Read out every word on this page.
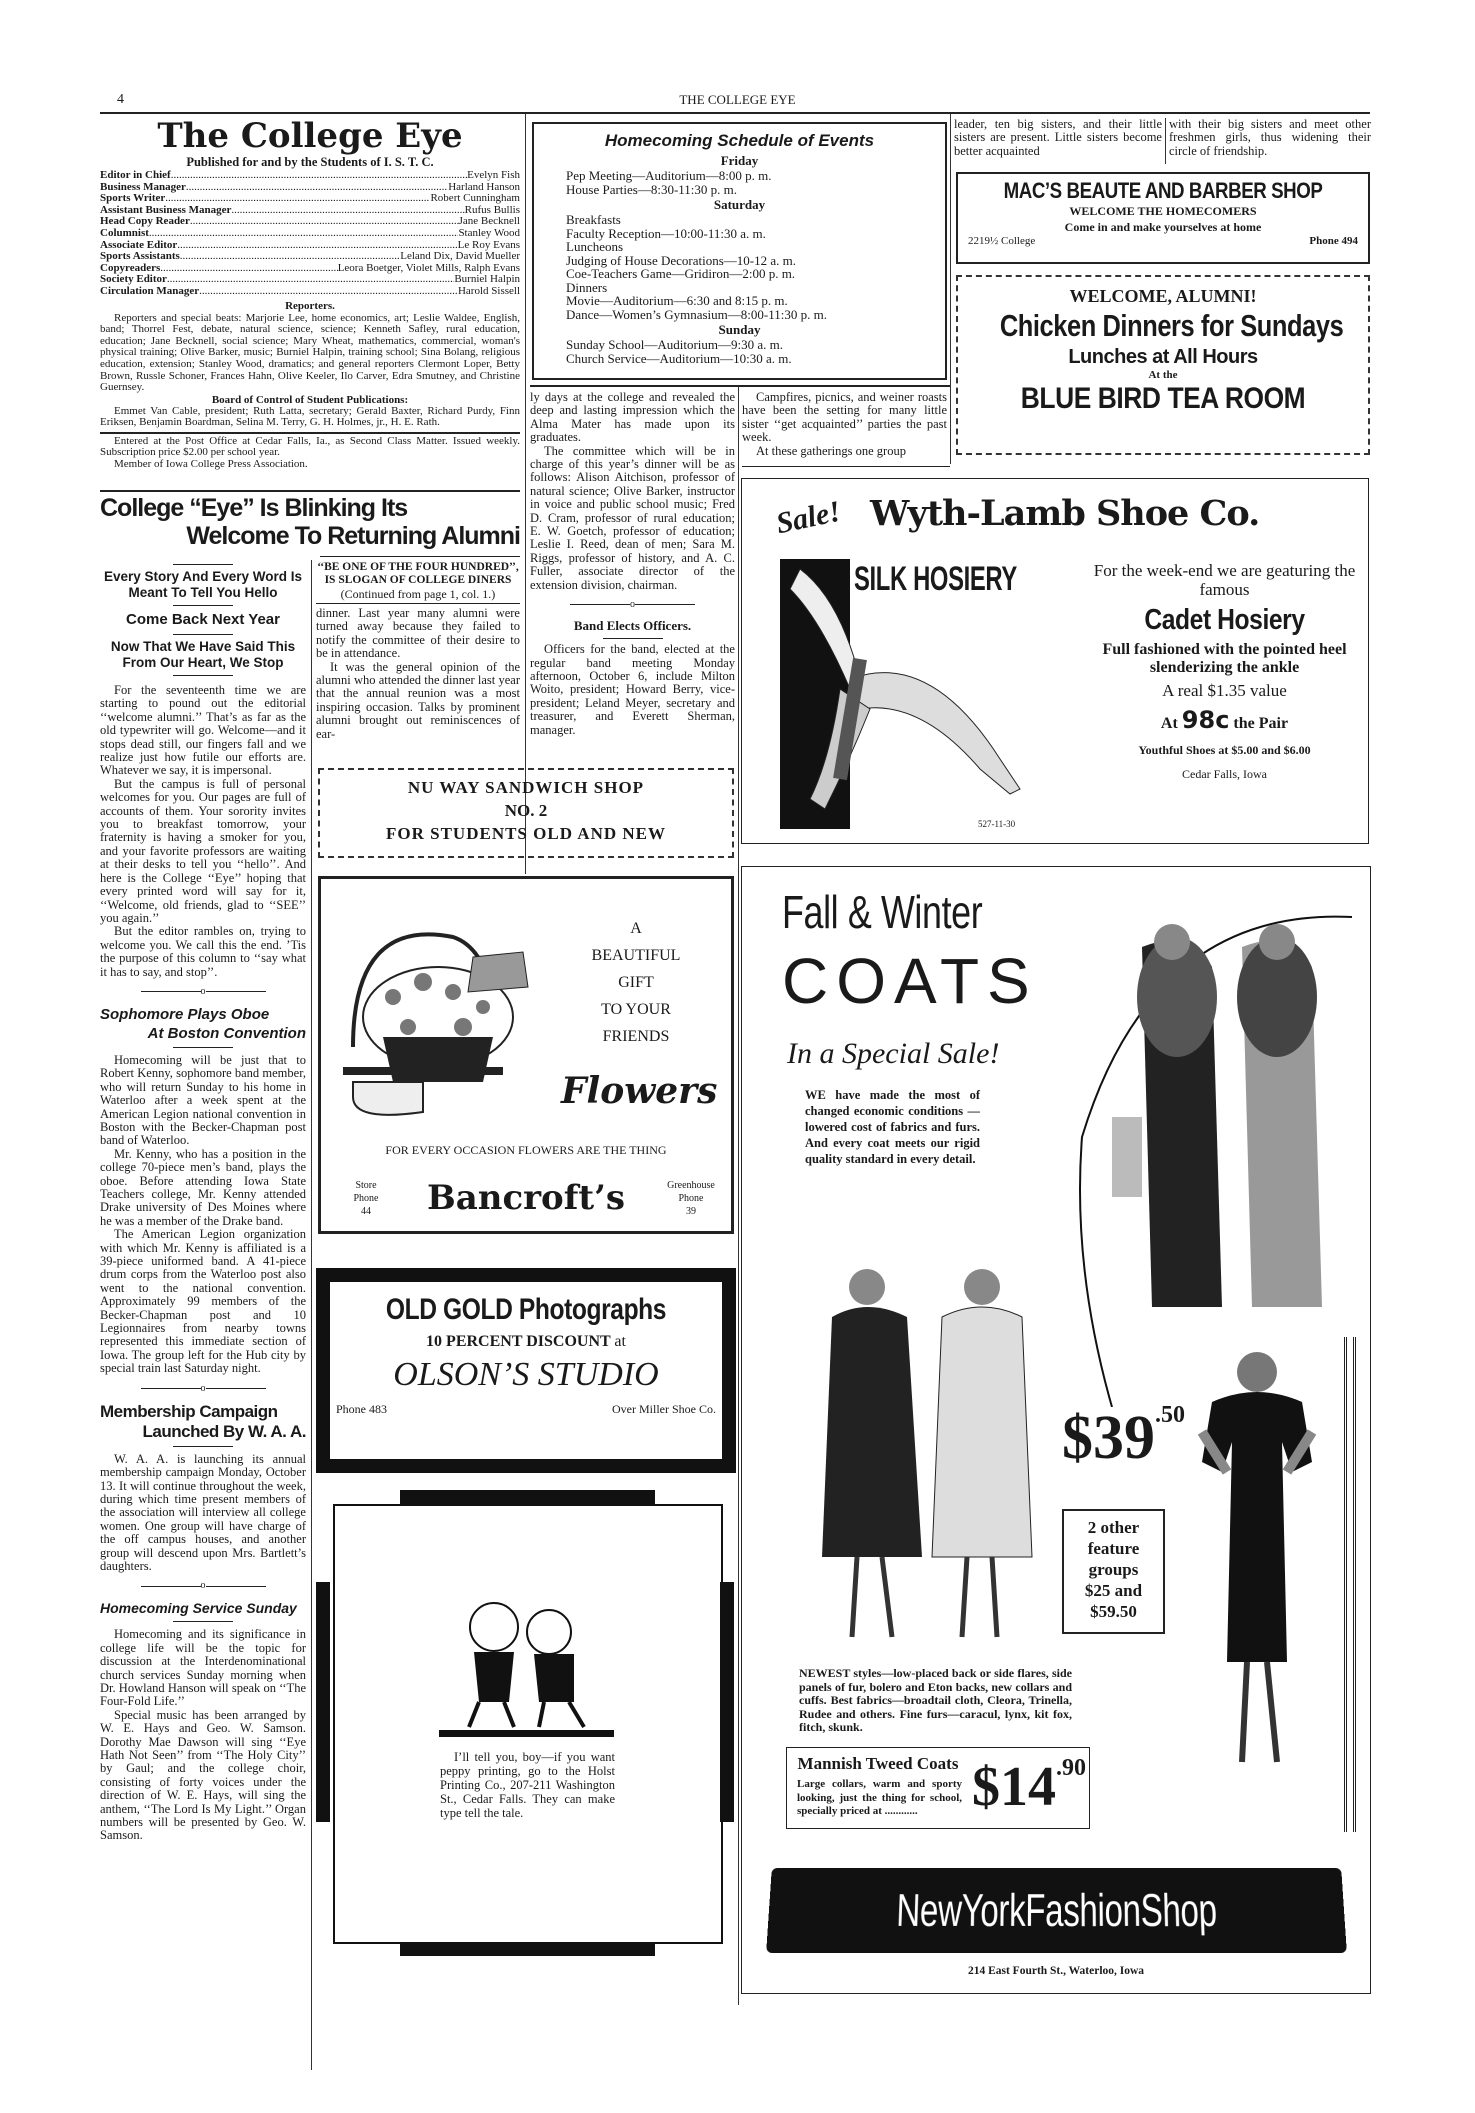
4	THE COLLEGE EYE
The College Eye
Published for and by the Students of I. S. T. C.
Editor in Chief .....	Evelyn Fish
Business Manager .....	Harland Hanson
Sports Writer .....	Robert Cunningham
Assistant Business Manager .....	Rufus Bullis
Head Copy Reader .....	Jane Becknell
Columnist .....	Stanley Wood
Associate Editor .....	Le Roy Evans
Sports Assistants .....	Leland Dix, David Mueller
Copyreaders .....	Leora Boetger, Violet Mills, Ralph Evans
Society Editor .....	Burniel Halpin
Circulation Manager .....	Harold Sissell
Reporters.

Reporters and special beats: Marjorie Lee, home economics, art; Leslie Waldee, English, band; Thorrel Fest, debate, natural science, science; Kenneth Safley, rural education, education; Jane Becknell, social science; Mary Wheat, mathematics, commercial, woman's physical training; Olive Barker, music; Burniel Halpin, training school; Sina Bolang, religious education, extension; Stanley Wood, dramatics; and general reporters Clermont Loper, Betty Brown, Russle Schoner, Frances Hahn, Olive Keeler, Ilo Carver, Edra Smutney, and Christine Guernsey.

Board of Control of Student Publications:

Emmet Van Cable, president; Ruth Latta, secretary; Gerald Baxter, Richard Purdy, Finn Eriksen, Benjamin Boardman, Selina M. Terry, G. H. Holmes, jr., H. E. Rath.

Entered at the Post Office at Cedar Falls, Ia., as Second Class Matter. Issued weekly. Subscription price $2.00 per school year.

Member of Iowa College Press Association.

College “Eye” Is Blinking Its
Welcome To Returning Alumni
Every Story And Every Word Is Meant To Tell You Hello
Come Back Next Year
Now That We Have Said This From Our Heart, We Stop

For the seventeenth time we are starting to pound out the editorial ‘‘welcome alumni.’’ That’s as far as the old typewriter will go. Welcome—and it stops dead still, our fingers fall and we realize just how futile our efforts are. Whatever we say, it is impersonal.

But the campus is full of personal welcomes for you. Our pages are full of accounts of them. Your sorority invites you to breakfast tomorrow, your fraternity is having a smoker for you, and your favorite professors are waiting at their desks to tell you ‘‘hello’’. And here is the College ‘‘Eye’’ hoping that every printed word will say for it, ‘‘Welcome, old friends, glad to ‘‘SEE’’ you again.’’

But the editor rambles on, trying to welcome you. We call this the end. ’Tis the purpose of this column to ‘‘say what it has to say, and stop’’.

o
Sophomore Plays Oboe
At Boston Convention

Homecoming will be just that to Robert Kenny, sophomore band member, who will return Sunday to his home in Waterloo after a week spent at the American Legion national convention in Boston with the Becker-Chapman post band of Waterloo.

Mr. Kenny, who has a position in the college 70-piece men’s band, plays the oboe. Before attending Iowa State Teachers college, Mr. Kenny attended Drake university of Des Moines where he was a member of the Drake band.

The American Legion organization with which Mr. Kenny is affiliated is a 39-piece uniformed band. A 41-piece drum corps from the Waterloo post also went to the national convention. Approximately 99 members of the Becker-Chapman post and 10 Legionnaires from nearby towns represented this immediate section of Iowa. The group left for the Hub city by special train last Saturday night.

o
Membership Campaign
Launched By W. A. A.

W. A. A. is launching its annual membership campaign Monday, October 13. It will continue throughout the week, during which time present members of the association will interview all college women. One group will have charge of the off campus houses, and another group will descend upon Mrs. Bartlett’s daughters.

o
Homecoming Service Sunday

Homecoming and its significance in college life will be the topic for discussion at the Interdenominational church services Sunday morning when Dr. Howland Hanson will speak on ‘‘The Four-Fold Life.’’

Special music has been arranged by W. E. Hays and Geo. W. Samson. Dorothy Mae Dawson will sing ‘‘Eye Hath Not Seen’’ from ‘‘The Holy City’’ by Gaul; and the college choir, consisting of forty voices under the direction of W. E. Hays, will sing the anthem, ‘‘The Lord Is My Light.’’ Organ numbers will be presented by Geo. W. Samson.

‘‘BE ONE OF THE FOUR HUNDRED’’, IS SLOGAN OF COLLEGE DINERS
(Continued from page 1, col. 1.)

dinner. Last year many alumni were turned away because they failed to notify the committee of their desire to be in attendance.

It was the general opinion of the alumni who attended the dinner last year that the annual reunion was a most inspiring occasion. Talks by prominent alumni brought out reminiscences of ear-

Homecoming Schedule of Events
Friday
Pep Meeting—Auditorium—8:00 p. m.
House Parties—8:30-11:30 p. m.
Saturday
Breakfasts
Faculty Reception—10:00-11:30 a. m.
Luncheons
Judging of House Decorations—10-12 a. m.
Coe-Teachers Game—Gridiron—2:00 p. m.
Dinners
Movie—Auditorium—6:30 and 8:15 p. m.
Dance—Women’s Gymnasium—8:00-11:30 p. m.
Sunday
Sunday School—Auditorium—9:30 a. m.
Church Service—Auditorium—10:30 a. m.

ly days at the college and revealed the deep and lasting impression which the Alma Mater has made upon its graduates.

The committee which will be in charge of this year’s dinner will be as follows: Alison Aitchison, professor of natural science; Olive Barker, instructor in voice and public school music; Fred D. Cram, professor of rural education; E. W. Goetch, professor of education; Leslie I. Reed, dean of men; Sara M. Riggs, professor of history, and A. C. Fuller, associate director of the extension division, chairman.

o
Band Elects Officers.

Officers for the band, elected at the regular band meeting Monday afternoon, October 6, include Milton Woito, president; Howard Berry, vice-president; Leland Meyer, secretary and treasurer, and Everett Sherman, manager.

Campfires, picnics, and weiner roasts have been the setting for many little sister ‘‘get acquainted’’ parties the past week.

At these gatherings one group

leader, ten big sisters, and their little sisters are present. Little sisters become better acquainted

with their big sisters and meet other freshmen girls, thus widening their circle of friendship.

MAC’S BEAUTE AND BARBER SHOP
WELCOME THE HOMECOMERS
Come in and make yourselves at home
2219½ College	Phone 494
WELCOME, ALUMNI!
Chicken Dinners for Sundays
Lunches at All Hours
At the
BLUE BIRD TEA ROOM
Sale! Wyth-Lamb Shoe Co.
SILK HOSIERY
527-11-30
For the week-end we are geaturing the famous
Cadet Hosiery
Full fashioned with the pointed heel slenderizing the ankle
A real $1.35 value
At 98c the Pair
Youthful Shoes at $5.00 and $6.00
Cedar Falls, Iowa
NU WAY SANDWICH SHOP
NO. 2
FOR STUDENTS OLD AND NEW
A
BEAUTIFUL
GIFT
TO YOUR
FRIENDS
Flowers
FOR EVERY OCCASION FLOWERS ARE THE THING
Store
Phone
44	Bancroft’s	Greenhouse
Phone
39
OLD GOLD Photographs
10 PERCENT DISCOUNT at
OLSON’S STUDIO
Phone 483	Over Miller Shoe Co.

I’ll tell you, boy—if you want peppy printing, go to the Holst Printing Co., 207-211 Washington St., Cedar Falls. They can make type tell the tale.

Fall & Winter
COATS
In a Special Sale!
WE have made the most of changed economic conditions — lowered cost of fabrics and furs. And every coat meets our rigid quality standard in every detail.
$39.50
2 other
feature
groups
$25 and
$59.50
NEWEST styles—low-placed back or side flares, side panels of fur, bolero and Eton backs, new collars and cuffs. Best fabrics—broadtail cloth, Cleora, Trinella, Rudee and others. Fine furs—caracul, lynx, kit fox, fitch, skunk.
Mannish Tweed Coats
Large collars, warm and sporty looking, just the thing for school, specially priced at ............ $14.90
NewYorkFashionShop
214 East Fourth St., Waterloo, Iowa
